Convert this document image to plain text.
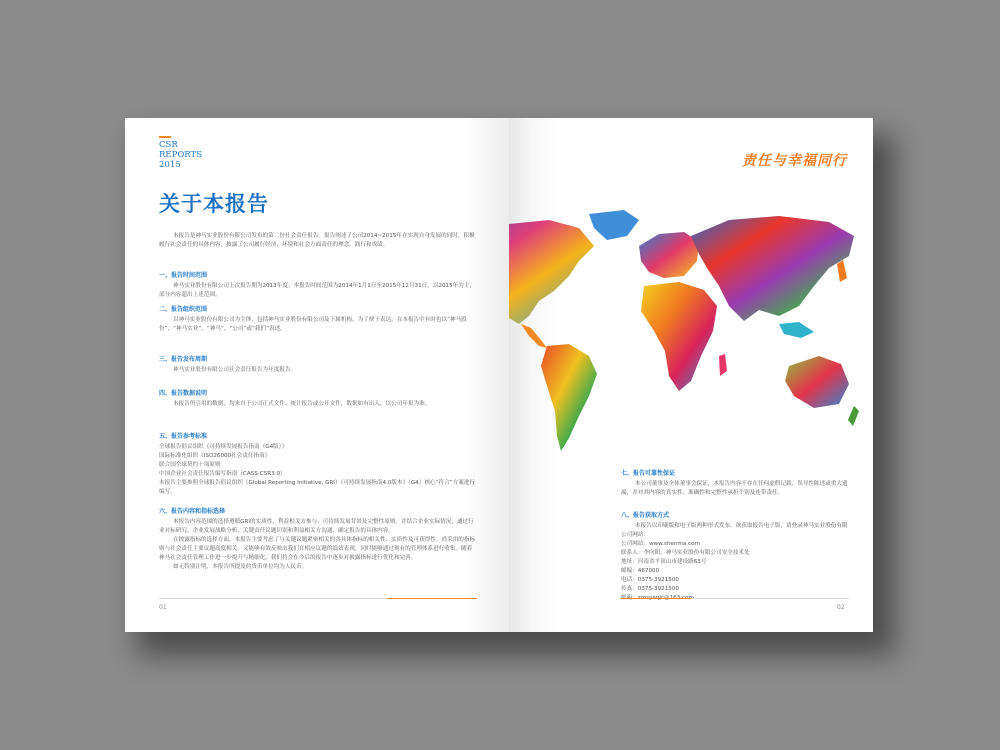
CSR
REPORTS
2015
关于本报告

本报告是神马实业股份有限公司发布的第二份社会责任报告。报告阐述了公司2014~2015年在实现自身发展的同时，积极履行社会责任的具体内容，披露了公司履行经济、环境和社会方面责任的理念、践行和成绩。

一、报告时间范围

神马实业股份有限公司上次报告期为2013年度；本报告时间范围为2014年1月1日至2015年12月31日，以2015年为主，部分内容超出上述范围。

二、报告组织范围

以神马实业股份有限公司为主体，包括神马实业股份有限公司及下属机构。为了便于表达，在本报告中有时也以“神马股份”、“神马实业”、“神马”、“公司”或“我们”表述。

三、报告发布周期

神马实业股份有限公司社会责任报告为年度报告。

四、报告数据说明

本报告所引用的数据、均来自于公司正式文件、统计报告或公开文件，数据如有出入，以公司年报为准。

五、报告参考标准

全球报告倡议组织《可持续发展报告指南（G4版）》

国际标准化组织《ISO26000社会责任指南》

联合国全球契约十项原则

中国企业社会责任报告编写指南（CASS-CSR3.0）

本报告主要参照全球报告倡议组织（Global Reporting Initiative, GRI）《可持续发展指南4.0版本》（G4）核心“符合”方案进行编写。

六、报告内容和指标选择

本报告内容范围的选择遵循GRI的实质性、利益相关方参与、可持续发展背景及完整性原则。并结合企业实际情况，通过行业对标研究、企业发展战略分析、关键责任议题识别和利益相关方沟通，确定报告的具体内容。

在披露指标的选择方面，本报告主要考虑了与关键议题紧密相关的各具体指标的相关性、实质性及可获得性。尚采用的指标则与社会责任主要议题高度相关。又能够有效反映出我们在相应议题的绩效表现。同时能够通过现有的管理体系进行收集。随着神马社会责任管理工作进一步提升与精细化，我们将会在今后的报告中逐步对披露指标进行优化和完善。

如无特别注明，本报告所提及的货币单位均为人民币。

01
责任与幸福同行
七、报告可靠性保证

本公司董事及全体董事会保证，本报告内容不存在任何虚假记载、误导性陈述或重大遗漏，并对其内容的真实性、准确性和完整性承担个别及连带责任。

八、报告获取方式

本报告以印刷版和电子版两种形式发布。欲获取报告电子版，请登录神马实业股份有限公司网站：

公司网站：www.shenma.com

联系人：李向阳，神马实业股份有限公司安全技术处

地址：河南省平顶山市建设路63号

邮编：467000

电话：0375-3921500

传真：0375-3921500

02
